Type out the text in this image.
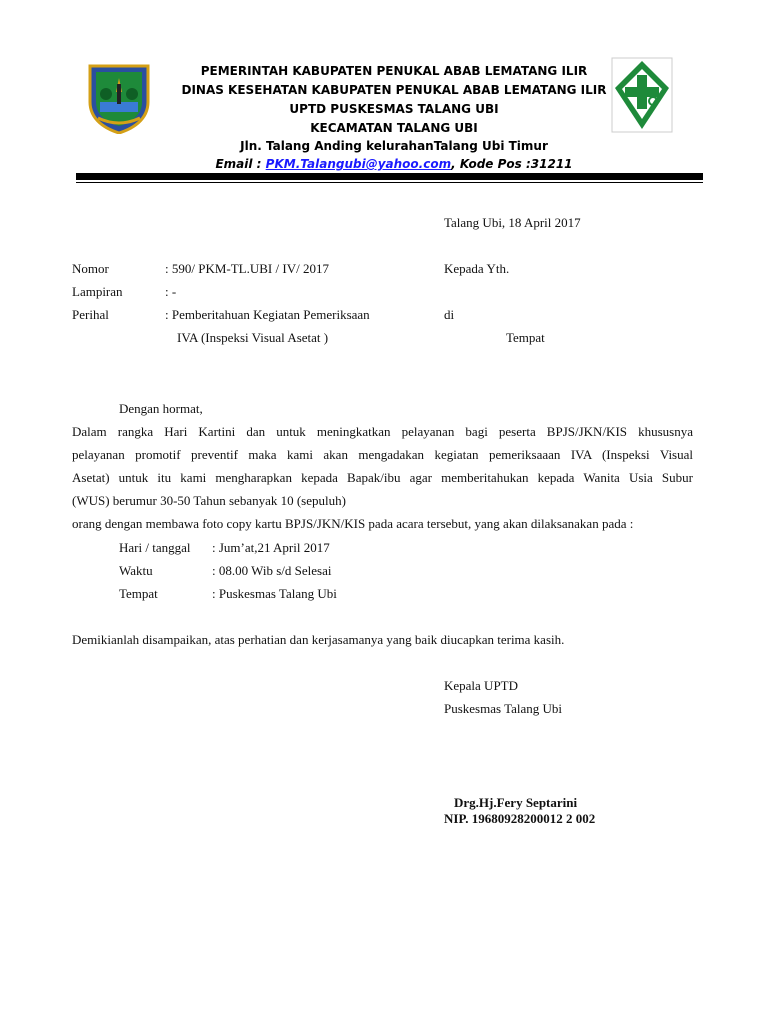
PEMERINTAH KABUPATEN PENUKAL ABAB LEMATANG ILIR
DINAS KESEHATAN KABUPATEN PENUKAL ABAB LEMATANG ILIR
UPTD PUSKESMAS TALANG UBI
KECAMATAN TALANG UBI
Jln. Talang Anding kelurahanTalang Ubi Timur
Email : PKM.Talangubi@yahoo.com, Kode Pos :31211
Talang Ubi, 18 April 2017
Nomor	: 590/ PKM-TL.UBI / IV/ 2017	Kepada Yth.
Lampiran	: -
Perihal	: Pemberitahuan Kegiatan Pemeriksaan	di
IVA (Inspeksi Visual Asetat )	Tempat
Dengan hormat,
Dalam rangka Hari Kartini dan untuk meningkatkan pelayanan bagi peserta BPJS/JKN/KIS khususnya
pelayanan promotif preventif maka kami akan mengadakan kegiatan pemeriksaaan IVA (Inspeksi Visual
Asetat) untuk itu kami mengharapkan kepada Bapak/ibu agar memberitahukan kepada Wanita Usia Subur
(WUS) berumur 30-50 Tahun sebanyak 10 (sepuluh)
orang dengan membawa foto copy kartu BPJS/JKN/KIS pada acara tersebut, yang akan dilaksanakan pada :
Hari / tanggal : Jum’at,21 April 2017
Waktu	: 08.00 Wib s/d Selesai
Tempat	: Puskesmas Talang Ubi
Demikianlah disampaikan, atas perhatian dan kerjasamanya yang baik diucapkan terima kasih.
Kepala UPTD
Puskesmas Talang Ubi
Drg.Hj.Fery Septarini
NIP. 19680928200012 2 002
